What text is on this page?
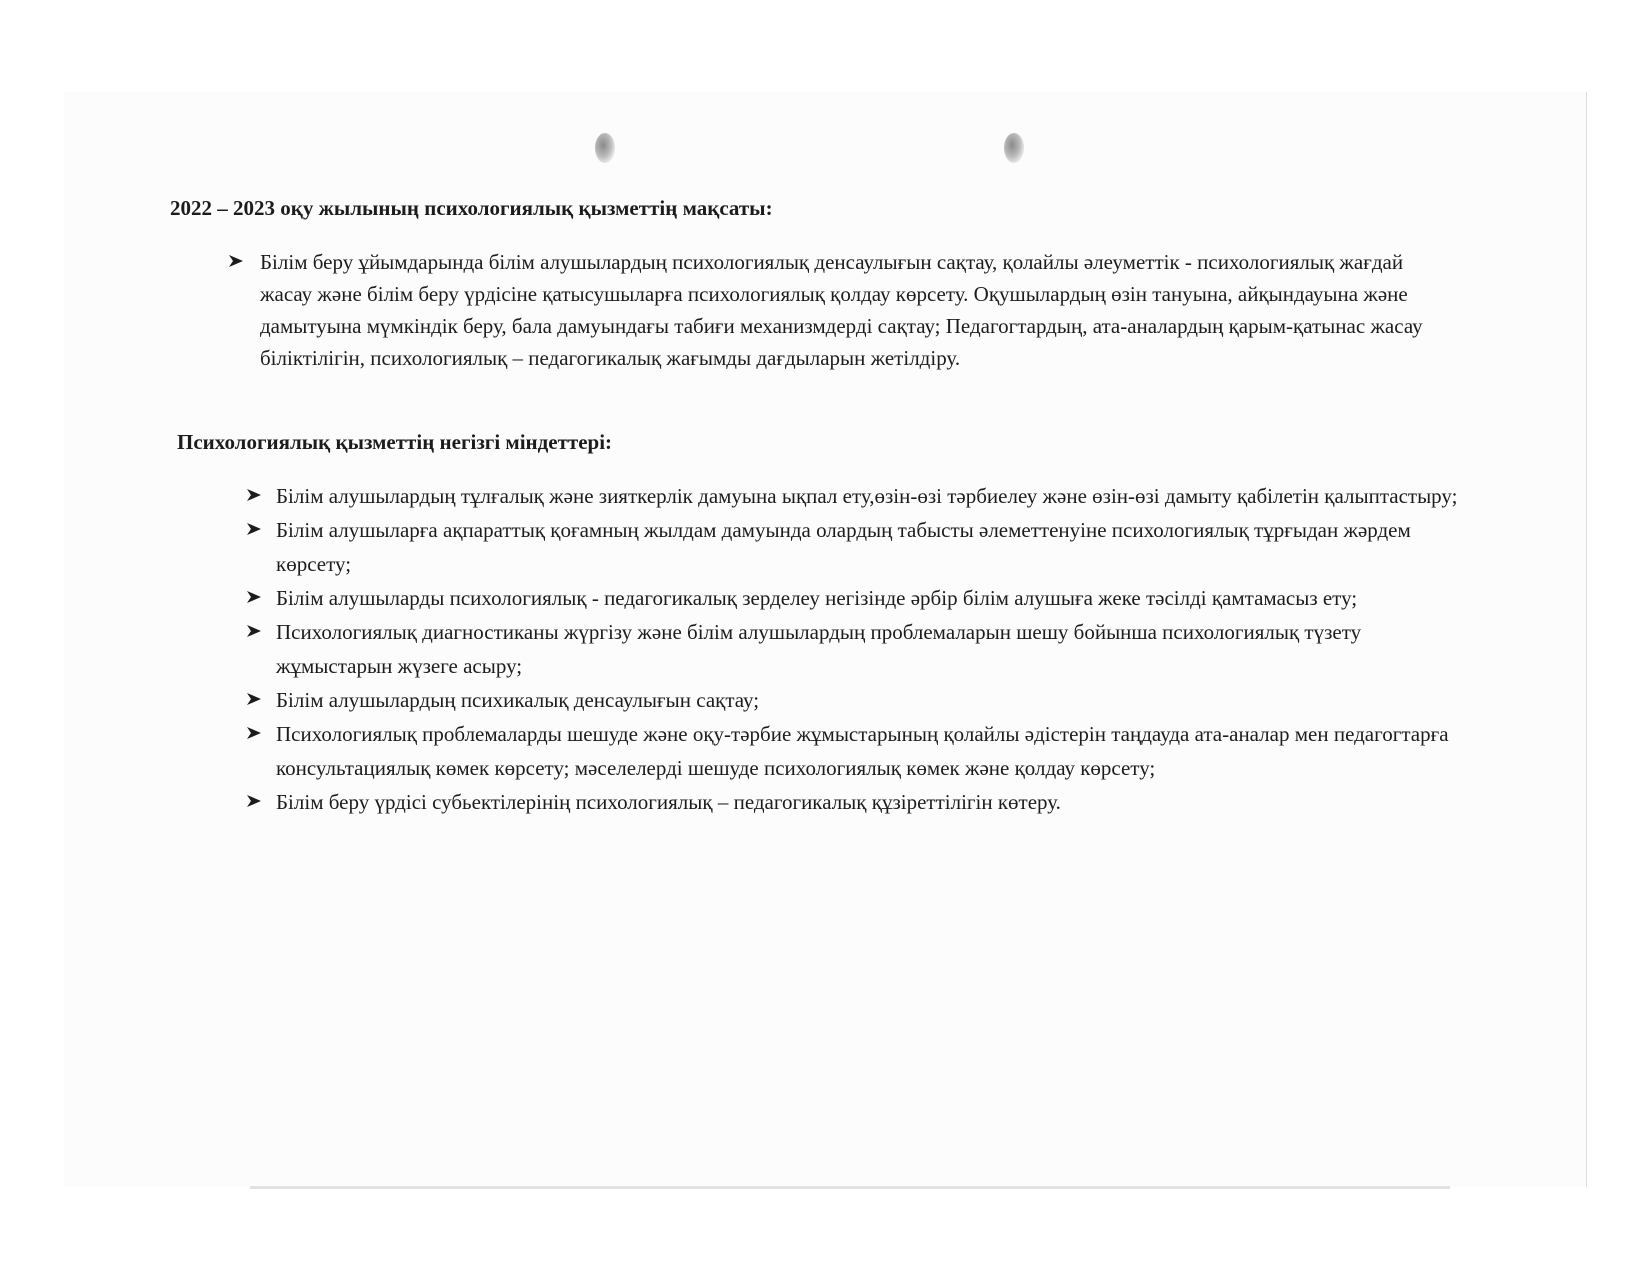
2022 – 2023 оқу жылының психологиялық қызметтің мақсаты:
Білім беру ұйымдарында білім алушылардың психологиялық денсаулығын сақтау, қолайлы әлеуметтік - психологиялық жағдай жасау және білім беру үрдісіне қатысушыларға психологиялық қолдау көрсету. Оқушылардың өзін тануына, айқындауына және дамытуына мүмкіндік беру, бала дамуындағы табиғи механизмдерді сақтау; Педагогтардың, ата-аналардың қарым-қатынас жасау біліктілігін, психологиялық – педагогикалық жағымды дағдыларын жетілдіру.
Психологиялық қызметтің негізгі міндеттері:
Білім алушылардың тұлғалық және зияткерлік дамуына ықпал ету,өзін-өзі тәрбиелеу және өзін-өзі дамыту қабілетін қалыптастыру;
Білім алушыларға ақпараттық қоғамның жылдам дамуында олардың табысты әлеметтенуіне психологиялық тұрғыдан жәрдем көрсету;
Білім алушыларды психологиялық - педагогикалық зерделеу негізінде әрбір білім алушыға жеке тәсілді қамтамасыз ету;
Психологиялық диагностиканы жүргізу және білім алушылардың проблемаларын шешу бойынша психологиялық түзету жұмыстарын жүзеге асыру;
Білім алушылардың психикалық денсаулығын сақтау;
Психологиялық проблемаларды шешуде және оқу-тәрбие жұмыстарының қолайлы әдістерін таңдауда ата-аналар мен педагогтарға консультациялық көмек көрсету; мәселелерді шешуде психологиялық көмек және қолдау көрсету;
Білім беру үрдісі субьектілерінің психологиялық – педагогикалық құзіреттілігін көтеру.
